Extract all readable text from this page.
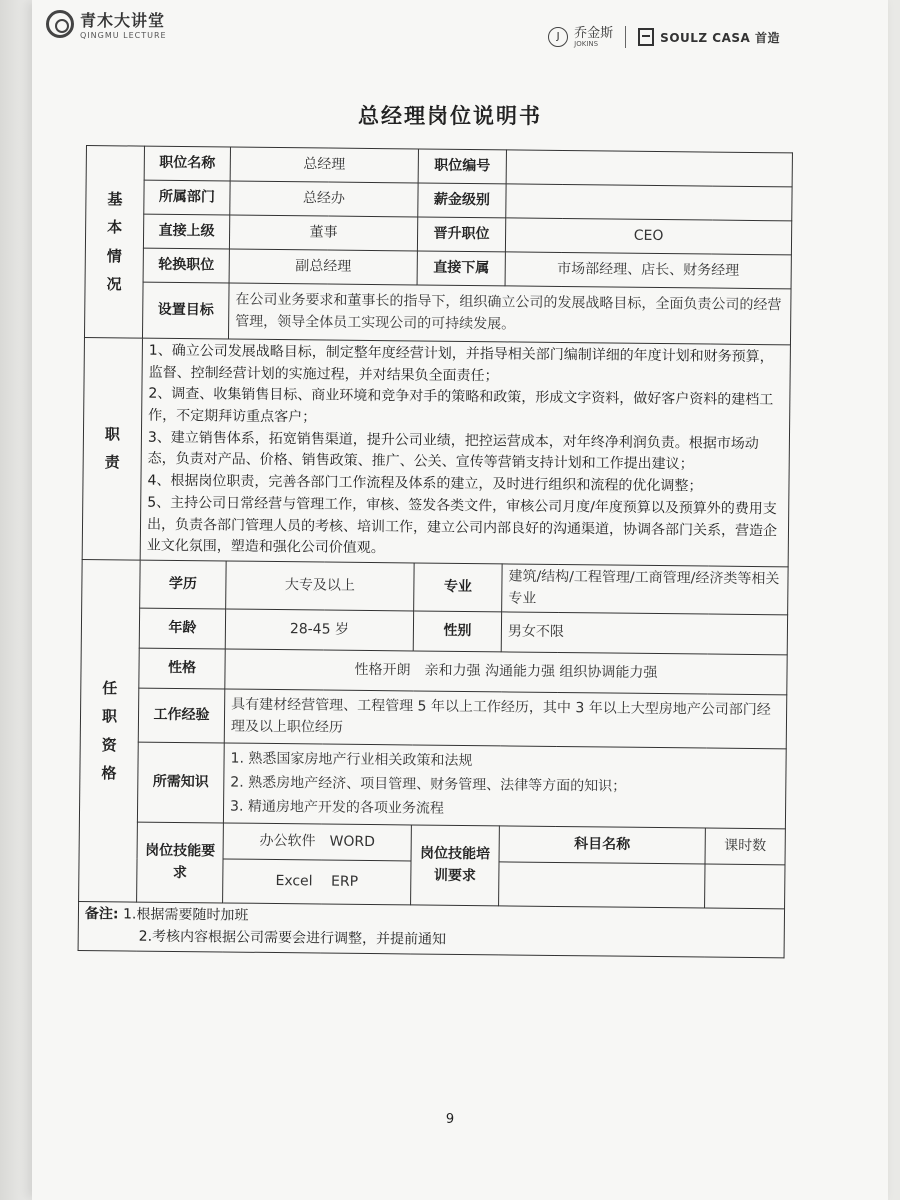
青木大讲堂
QINGMU LECTURE	J	乔金斯
JOKINS	SOULZ CASA 首造
总经理岗位说明书
基本情况	职位名称	总经理	职位编号		
	所属部门	总经办	薪金级别		
	直接上级	董事	晋升职位	CEO	
	轮换职位	副总经理	直接下属	市场部经理、店长、财务经理	
	设置目标	在公司业务要求和董事长的指导下，组织确立公司的发展战略目标，全面负责公司的经营管理，领导全体员工实现公司的可持续发展。			
职责	1、确立公司发展战略目标，制定整年度经营计划，并指导相关部门编制详细的年度计划和财务预算，监督、控制经营计划的实施过程，并对结果负全面责任；

2、调查、收集销售目标、商业环境和竞争对手的策略和政策，形成文字资料，做好客户资料的建档工作，不定期拜访重点客户；

3、建立销售体系，拓宽销售渠道，提升公司业绩，把控运营成本，对年终净利润负责。根据市场动态，负责对产品、价格、销售政策、推广、公关、宣传等营销支持计划和工作提出建议；

4、根据岗位职责，完善各部门工作流程及体系的建立，及时进行组织和流程的优化调整；

5、主持公司日常经营与管理工作，审核、签发各类文件，审核公司月度/年度预算以及预算外的费用支出，负责各部门管理人员的考核、培训工作，建立公司内部良好的沟通渠道，协调各部门关系，营造企业文化氛围，塑造和强化公司价值观。				

任职资格	学历	大专及以上	专业	建筑/结构/工程管理/工商管理/经济类等相关专业	
	年龄	28-45 岁	性别	男女不限	
	性格	性格开朗　亲和力强 沟通能力强 组织协调能力强			
	工作经验	具有建材经营管理、工程管理 5 年以上工作经历，其中 3 年以上大型房地产公司部门经理及以上职位经历			
	所需知识	1. 熟悉国家房地产行业相关政策和法规

2. 熟悉房地产经济、项目管理、财务管理、法律等方面的知识；

3. 精通房地产开发的各项业务流程			

	岗位技能要求	办公软件　WORD	岗位技能培训要求	科目名称	课时数
		Excel　 ERP			
备注: 1.根据需要随时加班
2.考核内容根据公司需要会进行调整，并提前通知					
9
